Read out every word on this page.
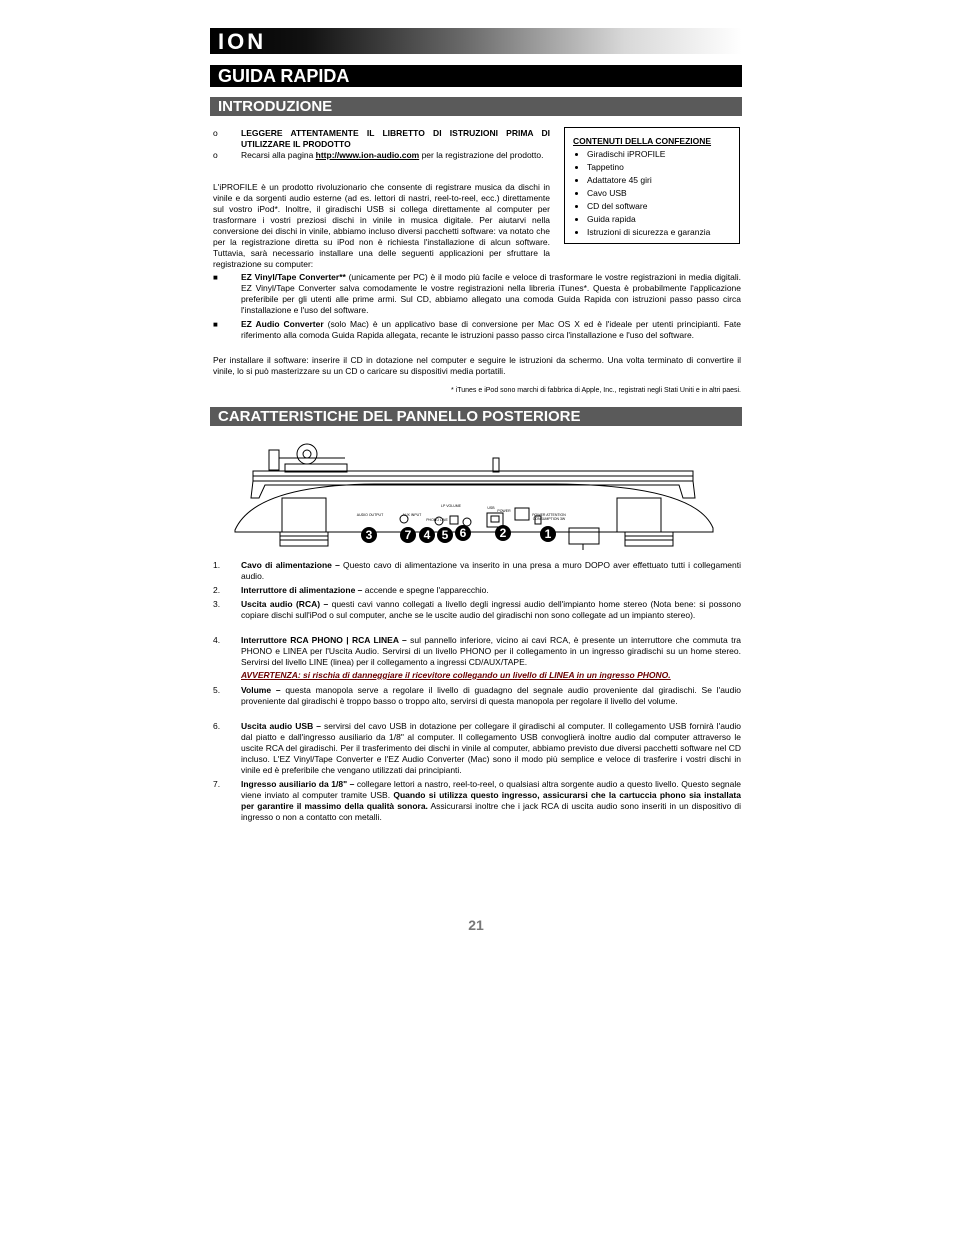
ION
GUIDA RAPIDA
INTRODUZIONE
o	LEGGERE ATTENTAMENTE IL LIBRETTO DI ISTRUZIONI PRIMA DI UTILIZZARE IL PRODOTTO
o	Recarsi alla pagina http://www.ion-audio.com per la registrazione del prodotto.
L'iPROFILE è un prodotto rivoluzionario che consente di registrare musica da dischi in vinile e da sorgenti audio esterne (ad es. lettori di nastri, reel-to-reel, ecc.) direttamente sul vostro iPod*. Inoltre, il giradischi USB si collega direttamente al computer per trasformare i vostri preziosi dischi in vinile in musica digitale. Per aiutarvi nella conversione dei dischi in vinile, abbiamo incluso diversi pacchetti software: va notato che per la registrazione diretta su iPod non è richiesta l'installazione di alcun software. Tuttavia, sarà necessario installare una delle seguenti applicazioni per sfruttare la registrazione su computer:
CONTENUTI DELLA CONFEZIONE
• Giradischi iPROFILE
• Tappetino
• Adattatore 45 giri
• Cavo USB
• CD del software
• Guida rapida
• Istruzioni di sicurezza e garanzia
■	EZ Vinyl/Tape Converter** (unicamente per PC) è il modo più facile e veloce di trasformare le vostre registrazioni in media digitali. EZ Vinyl/Tape Converter salva comodamente le vostre registrazioni nella libreria iTunes*. Questa è probabilmente l'applicazione preferibile per gli utenti alle prime armi. Sul CD, abbiamo allegato una comoda Guida Rapida con istruzioni passo passo circa l'installazione e l'uso del software.
■	EZ Audio Converter (solo Mac) è un applicativo base di conversione per Mac OS X ed è l'ideale per utenti principianti. Fate riferimento alla comoda Guida Rapida allegata, recante le istruzioni passo passo circa l'installazione e l'uso del software.
Per installare il software: inserire il CD in dotazione nel computer e seguire le istruzioni da schermo. Una volta terminato di convertire il vinile, lo si può masterizzare su un CD o caricare su dispositivi media portatili.
* iTunes e iPod sono marchi di fabbrica di Apple, Inc., registrati negli Stati Uniti e in altri paesi.
CARATTERISTICHE DEL PANNELLO POSTERIORE
AUDIO OUTPUT	AUX INPUT
PHONO LINE
LP VOLUME	USB
POWER
POWER ATTENTION CONSUMPTION 3W
3	7	4 5 6	2	1
1. Cavo di alimentazione – Questo cavo di alimentazione va inserito in una presa a muro DOPO aver effettuato tutti i collegamenti audio.
2. Interruttore di alimentazione – accende e spegne l'apparecchio.
3. Uscita audio (RCA) – questi cavi vanno collegati a livello degli ingressi audio dell'impianto home stereo (Nota bene: si possono copiare dischi sull'iPod o sul computer, anche se le uscite audio del giradischi non sono collegate ad un impianto stereo).
4. Interruttore RCA PHONO | RCA LINEA – sul pannello inferiore, vicino ai cavi RCA, è presente un interruttore che commuta tra PHONO e LINEA per l'Uscita Audio. Servirsi di un livello PHONO per il collegamento in un ingresso giradischi su un home stereo. Servirsi del livello LINE (linea) per il collegamento a ingressi CD/AUX/TAPE.
AVVERTENZA: si rischia di danneggiare il ricevitore collegando un livello di LINEA in un ingresso PHONO.
5. Volume – questa manopola serve a regolare il livello di guadagno del segnale audio proveniente dal giradischi. Se l'audio proveniente dal giradischi è troppo basso o troppo alto, servirsi di questa manopola per regolare il livello del volume.
6. Uscita audio USB – servirsi del cavo USB in dotazione per collegare il giradischi al computer. Il collegamento USB fornirà l'audio dal piatto e dall'ingresso ausiliario da 1/8" al computer. Il collegamento USB convoglierà inoltre audio dal computer attraverso le uscite RCA del giradischi. Per il trasferimento dei dischi in vinile al computer, abbiamo previsto due diversi pacchetti software nel CD incluso. L'EZ Vinyl/Tape Converter e l'EZ Audio Converter (Mac) sono il modo più semplice e veloce di trasferire i vostri dischi in vinile ed è preferibile che vengano utilizzati dai principianti.
7. Ingresso ausiliario da 1/8" – collegare lettori a nastro, reel-to-reel, o qualsiasi altra sorgente audio a questo livello. Questo segnale viene inviato al computer tramite USB. Quando si utilizza questo ingresso, assicurarsi che la cartuccia phono sia installata per garantire il massimo della qualità sonora. Assicurarsi inoltre che i jack RCA di uscita audio sono inseriti in un dispositivo di ingresso o non a contatto con metalli.
21
